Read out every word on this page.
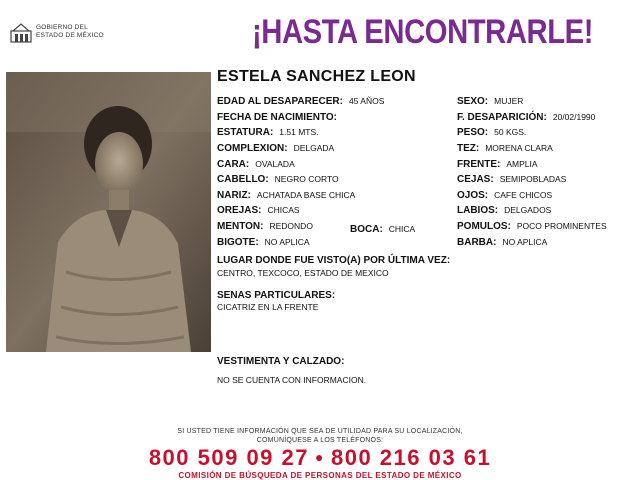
GOBIERNO DEL
ESTADO DE MÉXICO	¡HASTA ENCONTRARLE!
ESTELA SANCHEZ LEON
EDAD AL DESAPARECER: 45 AÑOS
FECHA DE NACIMIENTO:
ESTATURA: 1.51 MTS.
COMPLEXION: DELGADA
CARA: OVALADA
CABELLO: NEGRO CORTO
NARIZ: ACHATADA BASE CHICA
OREJAS: CHICAS
MENTON: REDONDO	BOCA: CHICA
BIGOTE: NO APLICA
SEXO: MUJER
F. DESAPARICIÓN: 20/02/1990
PESO: 50 KGS.
TEZ: MORENA CLARA
FRENTE: AMPLIA
CEJAS: SEMIPOBLADAS
OJOS: CAFE CHICOS
LABIOS: DELGADOS
POMULOS: POCO PROMINENTES
BARBA: NO APLICA
LUGAR DONDE FUE VISTO(A) POR ÚLTIMA VEZ:
CENTRO, TEXCOCO, ESTADO DE MEXICO
SENAS PARTICULARES:
CICATRIZ EN LA FRENTE
VESTIMENTA Y CALZADO:
NO SE CUENTA CON INFORMACION.
SI USTED TIENE INFORMACIÓN QUE SEA DE UTILIDAD PARA SU LOCALIZACIÓN,
COMUNÍQUESE A LOS TELÉFONOS:
800 509 09 27 ● 800 216 03 61
COMISIÓN DE BÚSQUEDA DE PERSONAS DEL ESTADO DE MÉXICO
